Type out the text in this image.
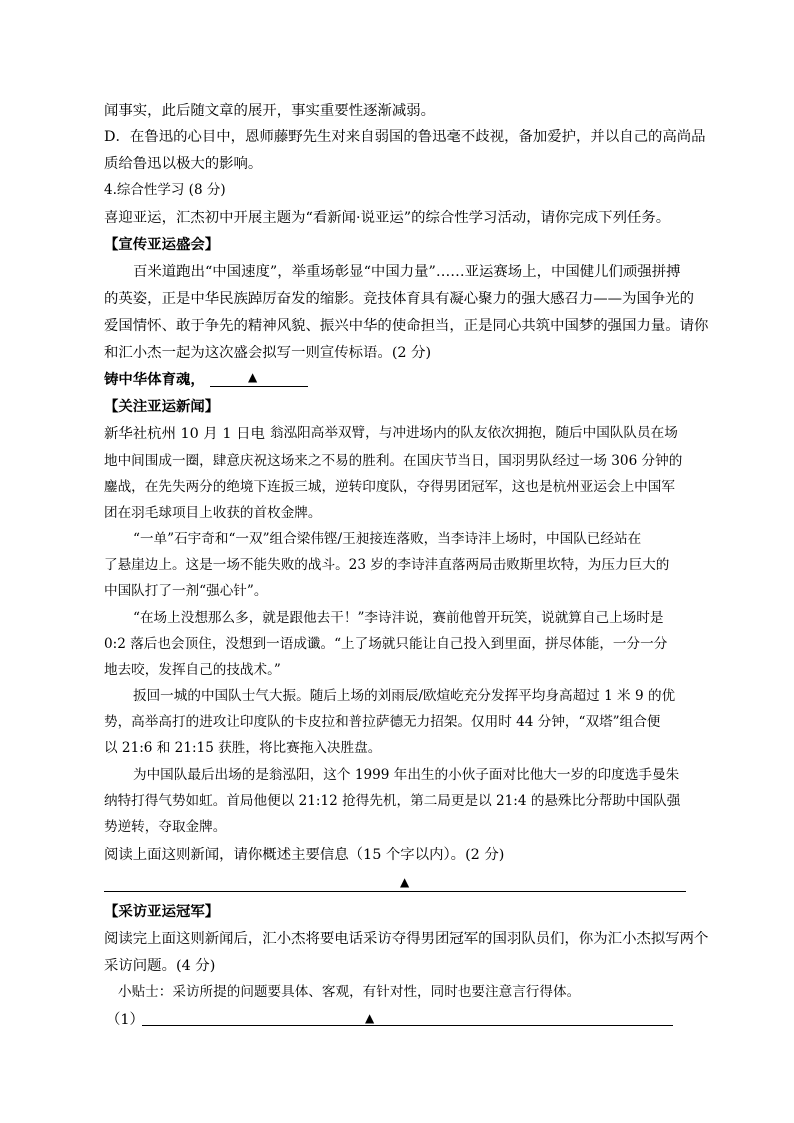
闻事实，此后随文章的展开，事实重要性逐渐减弱。
D．在鲁迅的心目中，恩师藤野先生对来自弱国的鲁迅毫不歧视，备加爱护，并以自己的高尚品
质给鲁迅以极大的影响。
4.综合性学习 (8 分)
喜迎亚运，汇杰初中开展主题为“看新闻·说亚运”的综合性学习活动，请你完成下列任务。
【宣传亚运盛会】
百米道跑出“中国速度”，举重场彰显“中国力量”……亚运赛场上，中国健儿们顽强拼搏
的英姿，正是中华民族踔厉奋发的缩影。竞技体育具有凝心聚力的强大感召力——为国争光的
爱国情怀、敢于争先的精神风貌、振兴中华的使命担当，正是同心共筑中国梦的强国力量。请你
和汇小杰一起为这次盛会拟写一则宣传标语。(2 分)
铸中华体育魂，	▲
【关注亚运新闻】
新华社杭州 10 月 1 日电 翁泓阳高举双臂，与冲进场内的队友依次拥抱，随后中国队队员在场
地中间围成一圈，肆意庆祝这场来之不易的胜利。在国庆节当日，国羽男队经过一场 306 分钟的
鏖战，在先失两分的绝境下连扳三城，逆转印度队，夺得男团冠军，这也是杭州亚运会上中国军
团在羽毛球项目上收获的首枚金牌。
“一单”石宇奇和“一双”组合梁伟铿/王昶接连落败，当李诗沣上场时，中国队已经站在
了悬崖边上。这是一场不能失败的战斗。23 岁的李诗沣直落两局击败斯里坎特，为压力巨大的
中国队打了一剂“强心针”。
“在场上没想那么多，就是跟他去干！”李诗沣说，赛前他曾开玩笑，说就算自己上场时是
0:2 落后也会顶住，没想到一语成谶。“上了场就只能让自己投入到里面，拼尽体能，一分一分
地去咬，发挥自己的技战术。”
扳回一城的中国队士气大振。随后上场的刘雨辰/欧煊屹充分发挥平均身高超过 1 米 9 的优
势，高举高打的进攻让印度队的卡皮拉和普拉萨德无力招架。仅用时 44 分钟，“双塔”组合便
以 21:6 和 21:15 获胜，将比赛拖入决胜盘。
为中国队最后出场的是翁泓阳，这个 1999 年出生的小伙子面对比他大一岁的印度选手曼朱
纳特打得气势如虹。首局他便以 21:12 抢得先机，第二局更是以 21:4 的悬殊比分帮助中国队强
势逆转，夺取金牌。
阅读上面这则新闻，请你概述主要信息（15 个字以内）。(2 分)
▲
【采访亚运冠军】
阅读完上面这则新闻后，汇小杰将要电话采访夺得男团冠军的国羽队员们，你为汇小杰拟写两个
采访问题。(4 分)
小贴士：采访所提的问题要具体、客观，有针对性，同时也要注意言行得体。
（1）	▲
